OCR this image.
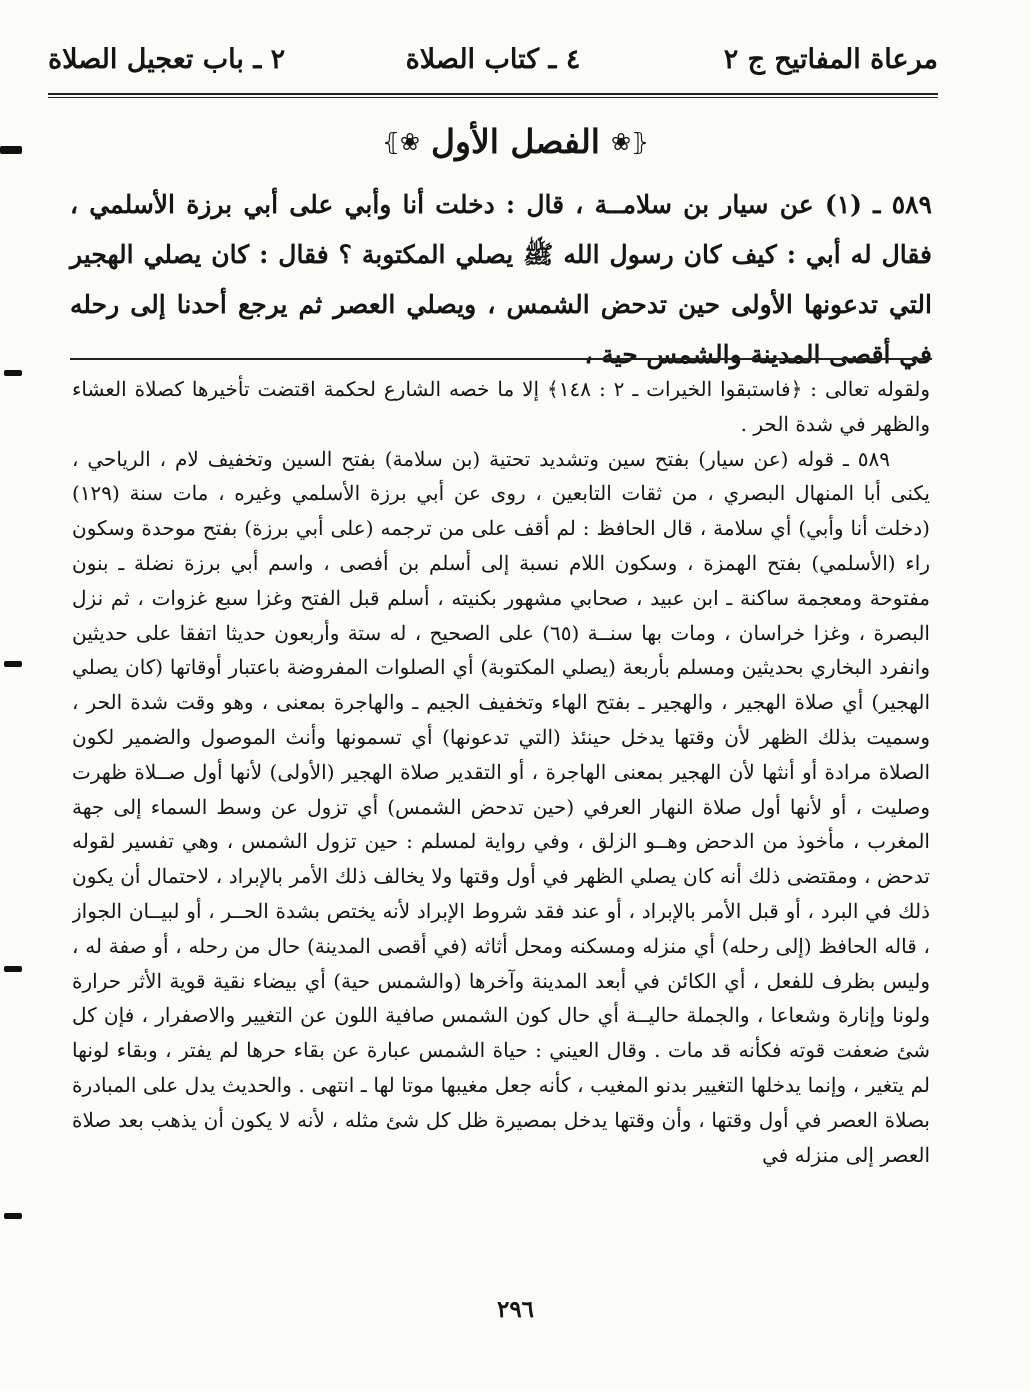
مرعاة المفاتيح ج ٢
٤ ـ كتاب الصلاة
٢ ـ باب تعجيل الصلاة
⦃❀ الفصل الأول ❀⦄

٥٨٩ ـ (١) عن سيار بن سلامــة ، قال : دخلت أنا وأبي على أبي برزة الأسلمي ، فقال له أبي : كيف كان رسول الله ﷺ يصلي المكتوبة ؟ فقال : كان يصلي الهجير التي تدعونها الأولى حين تدحض الشمس ، ويصلي العصر ثم يرجع أحدنا إلى رحله في أقصى المدينة والشمس حية ،

ولقوله تعالى : ﴿فاستبقوا الخيرات ـ ٢ : ١٤٨﴾ إلا ما خصه الشارع لحكمة اقتضت تأخيرها كصلاة العشاء والظهر في شدة الحر .

٥٨٩ ـ قوله (عن سيار) بفتح سين وتشديد تحتية (بن سلامة) بفتح السين وتخفيف لام ، الرياحي ، يكنى أبا المنهال البصري ، من ثقات التابعين ، روى عن أبي برزة الأسلمي وغيره ، مات سنة (١٢٩) (دخلت أنا وأبي) أي سلامة ، قال الحافظ : لم أقف على من ترجمه (على أبي برزة) بفتح موحدة وسكون راء (الأسلمي) بفتح الهمزة ، وسكون اللام نسبة إلى أسلم بن أفصى ، واسم أبي برزة نضلة ـ بنون مفتوحة ومعجمة ساكنة ـ ابن عبيد ، صحابي مشهور بكنيته ، أسلم قبل الفتح وغزا سبع غزوات ، ثم نزل البصرة ، وغزا خراسان ، ومات بها سنــة (٦٥) على الصحيح ، له ستة وأربعون حديثا اتفقا على حديثين وانفرد البخاري بحديثين ومسلم بأربعة (يصلي المكتوبة) أي الصلوات المفروضة باعتبار أوقاتها (كان يصلي الهجير) أي صلاة الهجير ، والهجير ـ بفتح الهاء وتخفيف الجيم ـ والهاجرة بمعنى ، وهو وقت شدة الحر ، وسميت بذلك الظهر لأن وقتها يدخل حينئذ (التي تدعونها) أي تسمونها وأنث الموصول والضمير لكون الصلاة مرادة أو أنثها لأن الهجير بمعنى الهاجرة ، أو التقدير صلاة الهجير (الأولى) لأنها أول صــلاة ظهرت وصليت ، أو لأنها أول صلاة النهار العرفي (حين تدحض الشمس) أي تزول عن وسط السماء إلى جهة المغرب ، مأخوذ من الدحض وهــو الزلق ، وفي رواية لمسلم : حين تزول الشمس ، وهي تفسير لقوله تدحض ، ومقتضى ذلك أنه كان يصلي الظهر في أول وقتها ولا يخالف ذلك الأمر بالإبراد ، لاحتمال أن يكون ذلك في البرد ، أو قبل الأمر بالإبراد ، أو عند فقد شروط الإبراد لأنه يختص بشدة الحــر ، أو لبيــان الجواز ، قاله الحافظ (إلى رحله) أي منزله ومسكنه ومحل أثاثه (في أقصى المدينة) حال من رحله ، أو صفة له ، وليس بظرف للفعل ، أي الكائن في أبعد المدينة وآخرها (والشمس حية) أي بيضاء نقية قوية الأثر حرارة ولونا وإنارة وشعاعا ، والجملة حاليــة أي حال كون الشمس صافية اللون عن التغيير والاصفرار ، فإن كل شئ ضعفت قوته فكأنه قد مات . وقال العيني : حياة الشمس عبارة عن بقاء حرها لم يفتر ، وبقاء لونها لم يتغير ، وإنما يدخلها التغيير بدنو المغيب ، كأنه جعل مغيبها موتا لها ـ انتهى . والحديث يدل على المبادرة بصلاة العصر في أول وقتها ، وأن وقتها يدخل بمصيرة ظل كل شئ مثله ، لأنه لا يكون أن يذهب بعد صلاة العصر إلى منزله في

٢٩٦
